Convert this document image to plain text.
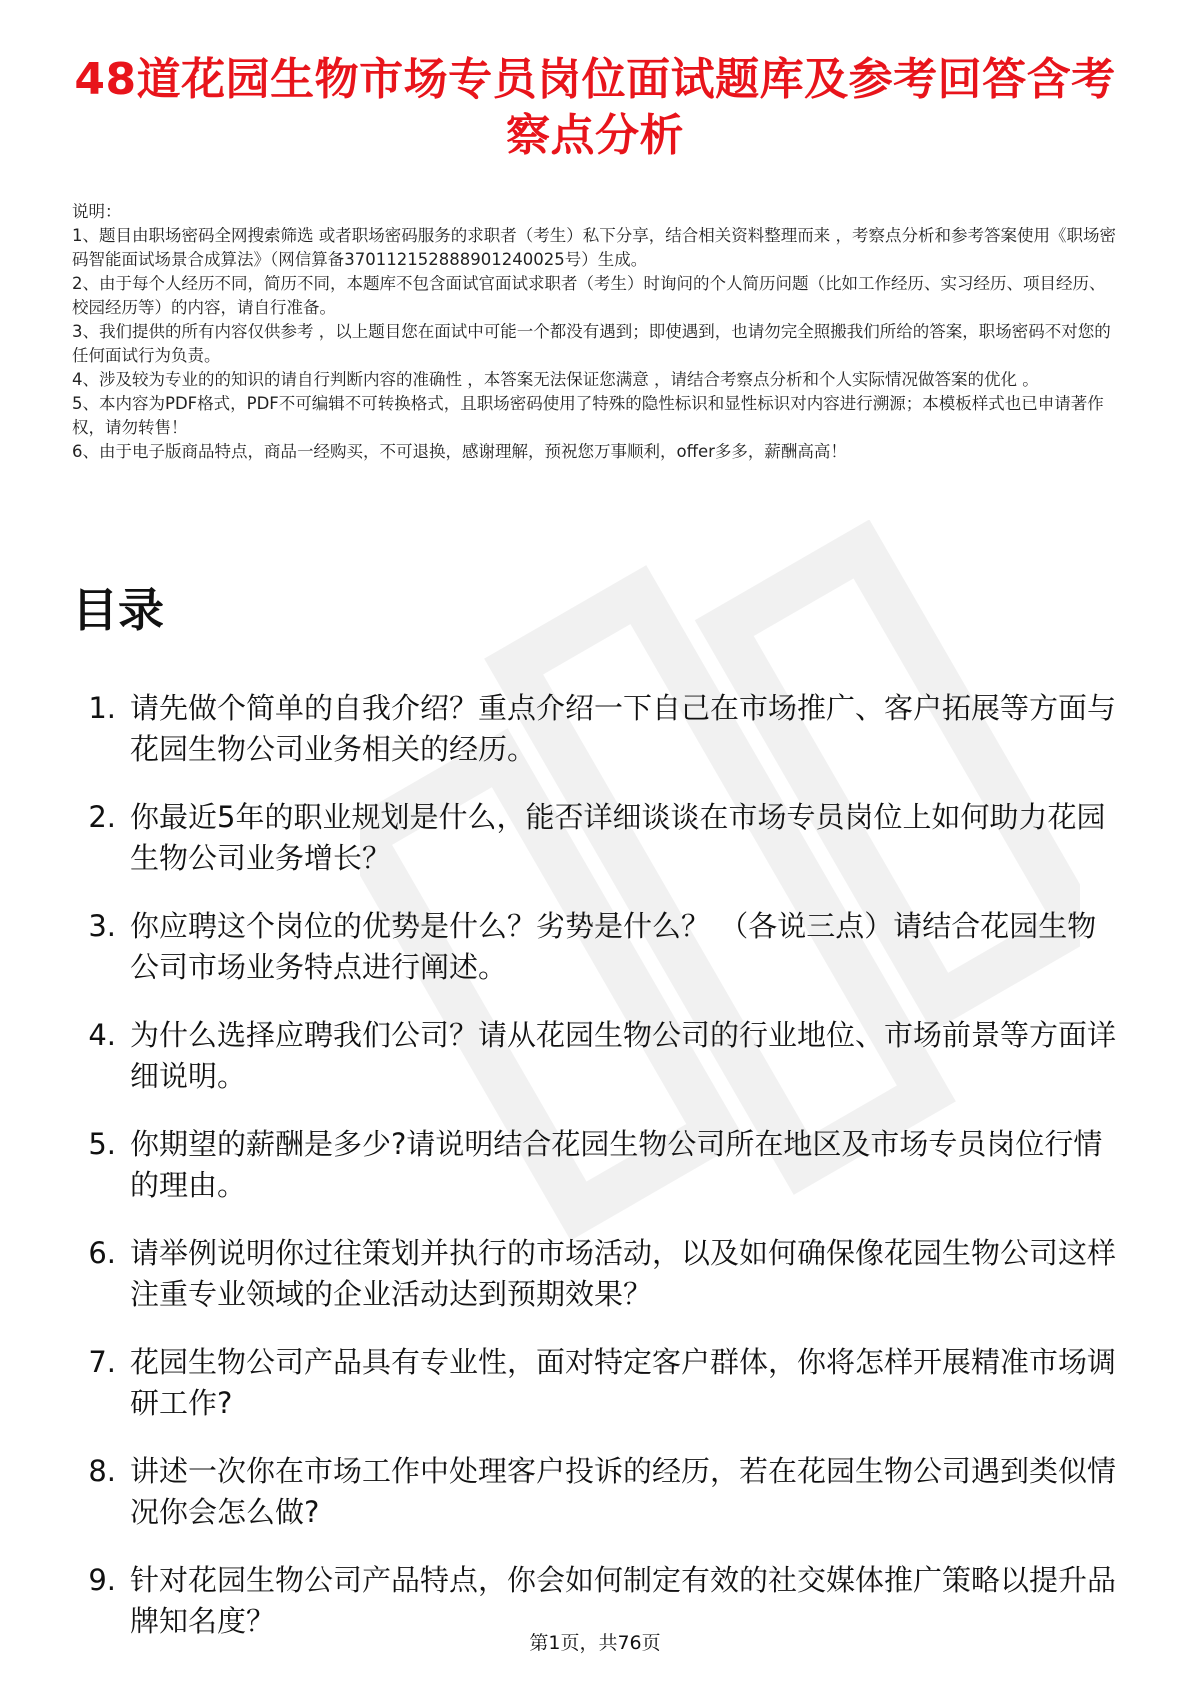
48道花园生物市场专员岗位面试题库及参考回答含考察点分析
说明：
1、题目由职场密码全网搜索筛选 或者职场密码服务的求职者（考生）私下分享，结合相关资料整理而来 ，考察点分析和参考答案使用《职场密码智能面试场景合成算法》（网信算备370112152888901240025号）生成。
2、由于每个人经历不同，简历不同，本题库不包含面试官面试求职者（考生）时询问的个人简历问题（比如工作经历、实习经历、项目经历、校园经历等）的内容，请自行准备。
3、我们提供的所有内容仅供参考 ，以上题目您在面试中可能一个都没有遇到；即使遇到，也请勿完全照搬我们所给的答案，职场密码不对您的任何面试行为负责。
4、涉及较为专业的的知识的请自行判断内容的准确性 ，本答案无法保证您满意 ，请结合考察点分析和个人实际情况做答案的优化 。
5、本内容为PDF格式，PDF不可编辑不可转换格式，且职场密码使用了特殊的隐性标识和显性标识对内容进行溯源；本模板样式也已申请著作权，请勿转售！
6、由于电子版商品特点，商品一经购买，不可退换，感谢理解，预祝您万事顺利，offer多多，薪酬高高！
目录
1. 请先做个简单的自我介绍？重点介绍一下自己在市场推广、客户拓展等方面与花园生物公司业务相关的经历。
2. 你最近5年的职业规划是什么，能否详细谈谈在市场专员岗位上如何助力花园生物公司业务增长？
3. 你应聘这个岗位的优势是什么？劣势是什么？ （各说三点）请结合花园生物公司市场业务特点进行阐述。
4. 为什么选择应聘我们公司？请从花园生物公司的行业地位、市场前景等方面详细说明。
5. 你期望的薪酬是多少?请说明结合花园生物公司所在地区及市场专员岗位行情的理由。
6. 请举例说明你过往策划并执行的市场活动，以及如何确保像花园生物公司这样注重专业领域的企业活动达到预期效果？
7. 花园生物公司产品具有专业性，面对特定客户群体，你将怎样开展精准市场调研工作?
8. 讲述一次你在市场工作中处理客户投诉的经历，若在花园生物公司遇到类似情况你会怎么做?
9. 针对花园生物公司产品特点，你会如何制定有效的社交媒体推广策略以提升品牌知名度？
第1页，共76页
